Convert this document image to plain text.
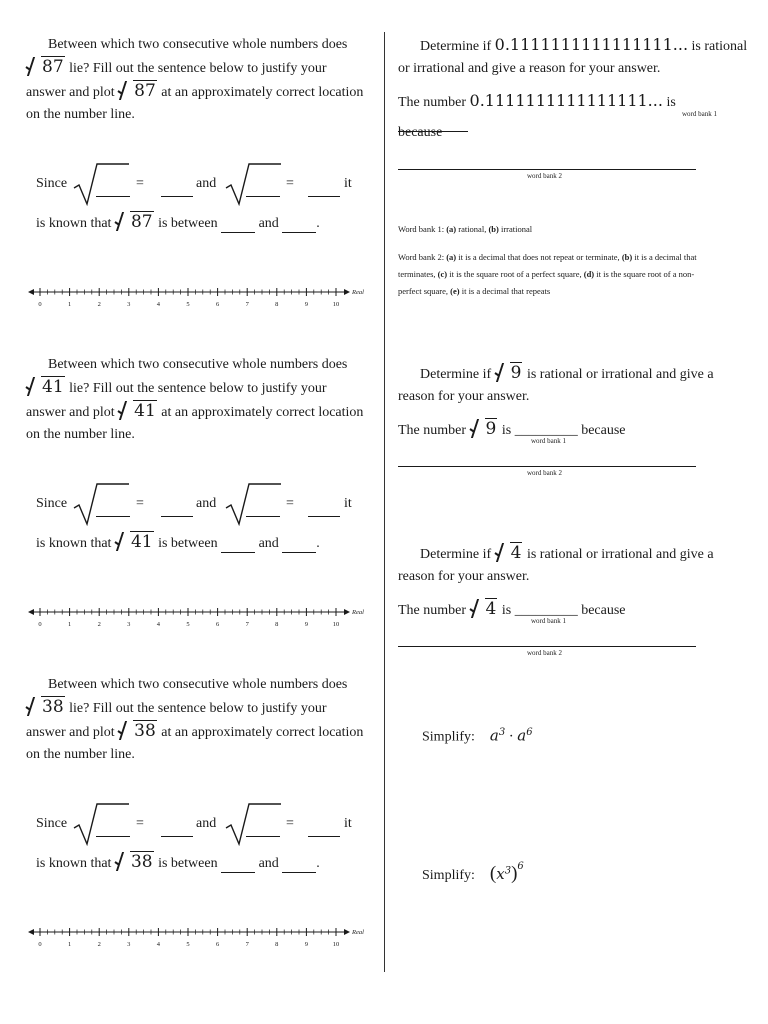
Between which two consecutive whole numbers does
87 lie? Fill out the sentence below to justify your
answer and plot 87 at an approximately correct location
on the number line.
Since	=	and	=	it
is known that 87 is between	and	.
0	1	2	3	4	5	6	7	8	9	10
Real
Between which two consecutive whole numbers does
41 lie? Fill out the sentence below to justify your
answer and plot 41 at an approximately correct location
on the number line.
Since	=	and	=	it
is known that 41 is between	and	.
0	1	2	3	4	5	6	7	8	9	10
Real
Between which two consecutive whole numbers does
38 lie? Fill out the sentence below to justify your
answer and plot 38 at an approximately correct location
on the number line.
Since	=	and	=	it
is known that 38 is between	and	.
0	1	2	3	4	5	6	7	8	9	10
Real
Determine if 0.1111111111111111... is rational
or irrational and give a reason for your answer.
The number 0.1111111111111111... is
word bank 1
because
word bank 2
Word bank 1: (a) rational, (b) irrational
Word bank 2: (a) it is a decimal that does not repeat or terminate, (b) it is a decimal that
terminates, (c) it is the square root of a perfect square, (d) it is the square root of a non-
perfect square, (e) it is a decimal that repeats
Determine if 9 is rational or irrational and give a
reason for your answer.
The number 9 is _________ because
word bank 1
word bank 2
Determine if 4 is rational or irrational and give a
reason for your answer.
The number 4 is _________ because
word bank 1
word bank 2
Simplify: $a^3 \cdot a^6$
Simplify: $(x^3)^6$
